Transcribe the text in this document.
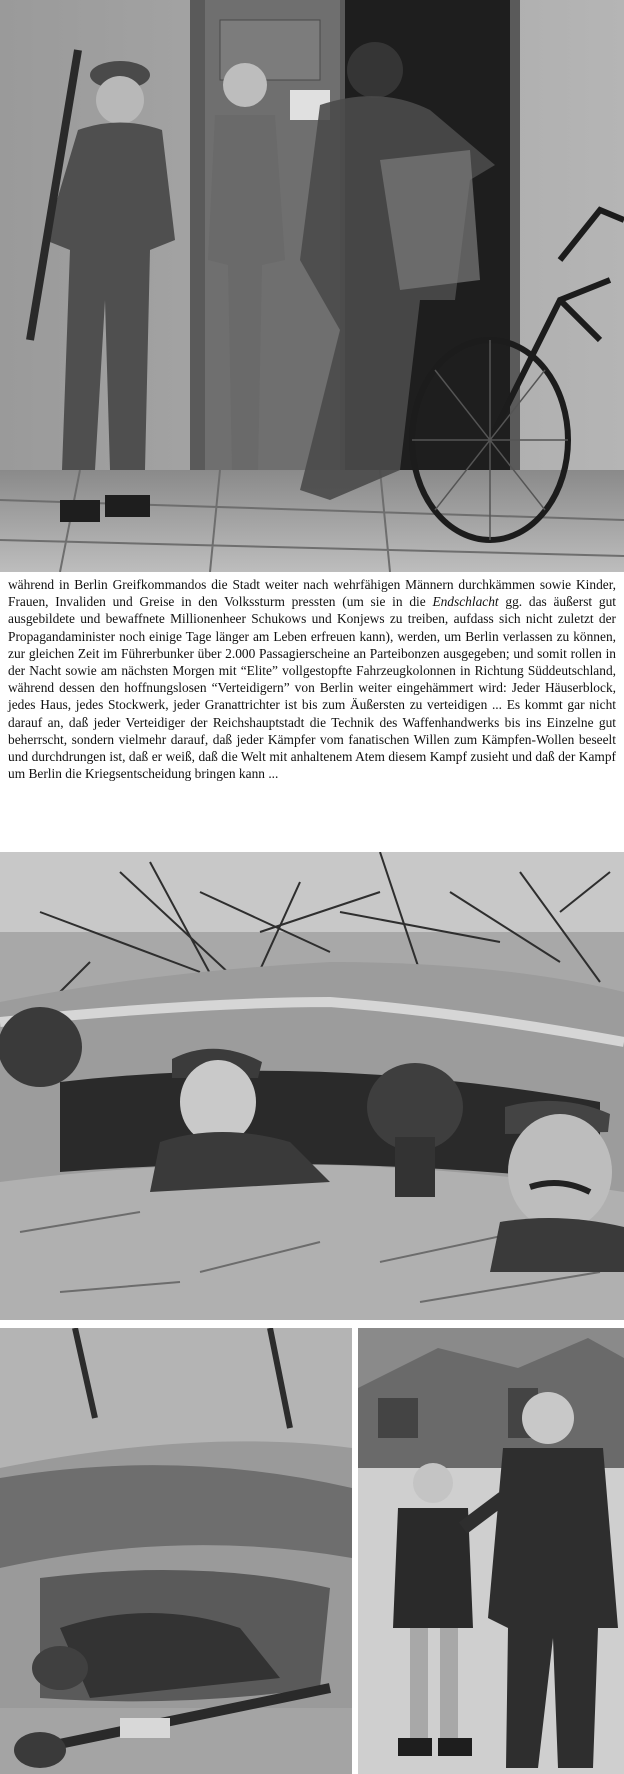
während in Berlin Greifkommandos die Stadt weiter nach wehrfähigen Männern durchkämmen sowie Kinder, Frauen, Invaliden und Greise in den Volkssturm pressten (um sie in die Endschlacht gg. das äußerst gut ausgebildete und bewaffnete Millionenheer Schukows und Konjews zu treiben, aufdass sich nicht zuletzt der Propagandaminister noch einige Tage länger am Leben erfreuen kann), werden, um Berlin verlassen zu können, zur gleichen Zeit im Führerbunker über 2.000 Passagierscheine an Parteibonzen ausgegeben; und somit rollen in der Nacht sowie am nächsten Morgen mit “Elite” vollgestopfte Fahrzeugkolonnen in Richtung Süddeutschland, während dessen den hoffnungslosen “Verteidigern” von Berlin weiter eingehämmert wird: Jeder Häuserblock, jedes Haus, jedes Stockwerk, jeder Granattrichter ist bis zum Äußersten zu verteidigen ... Es kommt gar nicht darauf an, daß jeder Verteidiger der Reichshauptstadt die Technik des Waffenhandwerks bis ins Einzelne gut beherrscht, sondern vielmehr darauf, daß jeder Kämpfer vom fanatischen Willen zum Kämpfen-Wollen beseelt und durchdrungen ist, daß er weiß, daß die Welt mit anhaltenem Atem diesem Kampf zusieht und daß der Kampf um Berlin die Kriegsentscheidung bringen kann ...
